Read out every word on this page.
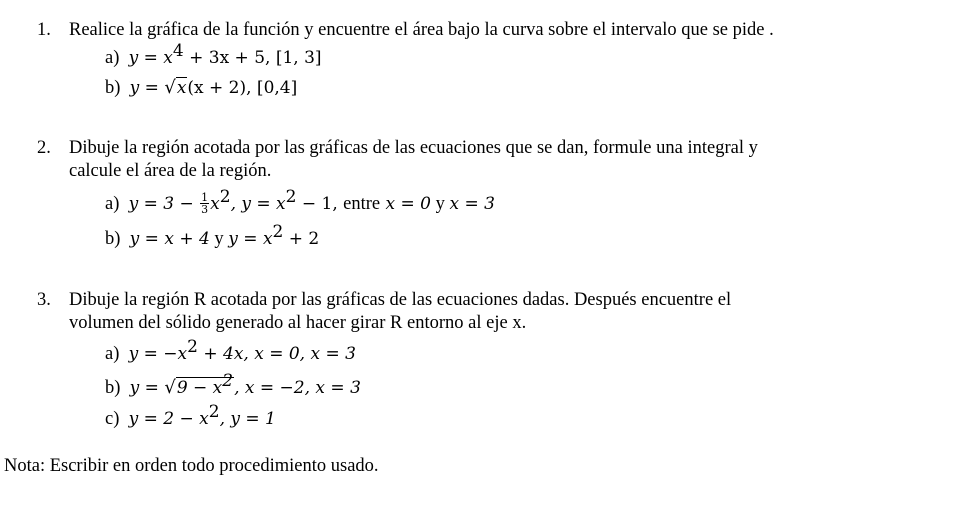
1. Realice la gráfica de la función y encuentre el área bajo la curva sobre el intervalo que se pide .
a) $y = x^4 + 3x + 5$, [1, 3]
b) y = √x(x + 2), [0,4]
2. Dibuje la región acotada por las gráficas de las ecuaciones que se dan, formule una integral y
calcule el área de la región.
a) $y = 3 - \frac{1}{3} x^2$, $y = x^2 - 1$, entre x = 0 y x = 3
b) y = x + 4 y $y = x^2 + 2$
3. Dibuje la región R acotada por las gráficas de las ecuaciones dadas. Después encuentre el
volumen del sólido generado al hacer girar R entorno al eje x.
a) $y = -x^2 + 4x$, x = 0, x = 3
b) $y = √9 - x^2$, x = −2, x = 3
c) $y = 2 - x^2$, y = 1
Nota: Escribir en orden todo procedimiento usado.
